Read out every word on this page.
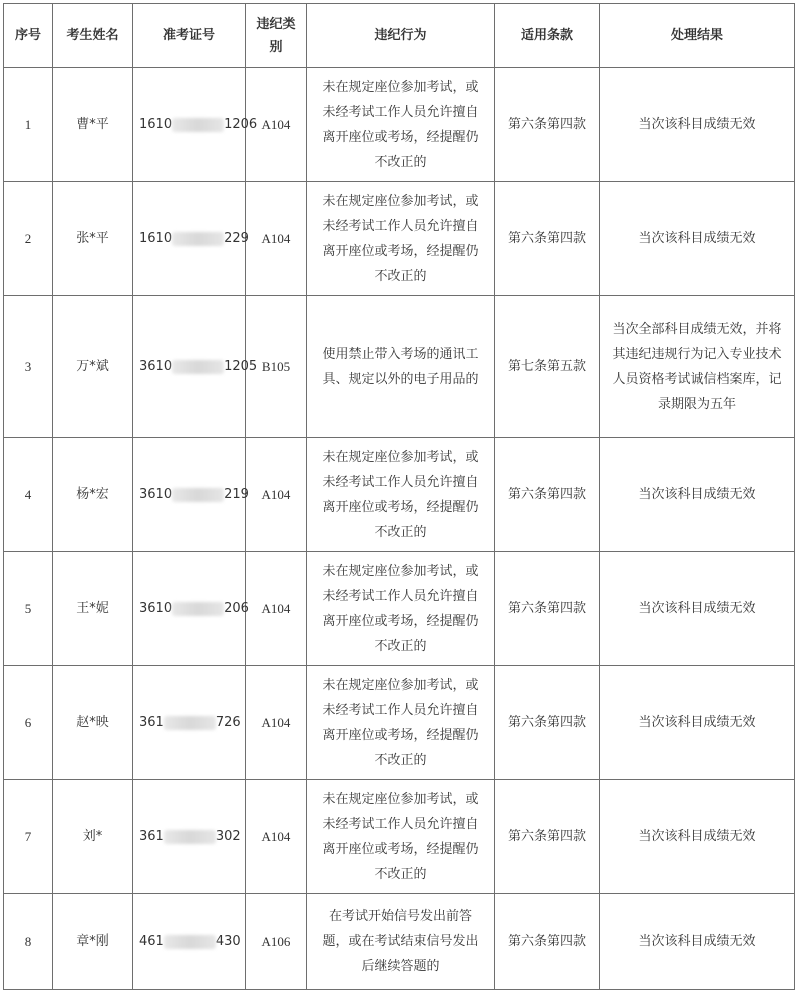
序号	考生姓名	准考证号	违纪类别	违纪行为	适用条款	处理结果
1	曹*平	1610 1206	A104	未在规定座位参加考试，或未经考试工作人员允许擅自离开座位或考场，经提醒仍不改正的	第六条第四款	当次该科目成绩无效
2	张*平	1610 229	A104	未在规定座位参加考试，或未经考试工作人员允许擅自离开座位或考场，经提醒仍不改正的	第六条第四款	当次该科目成绩无效
3	万*斌	3610 1205	B105	使用禁止带入考场的通讯工具、规定以外的电子用品的	第七条第五款	当次全部科目成绩无效，并将其违纪违规行为记入专业技术人员资格考试诚信档案库，记录期限为五年
4	杨*宏	3610 219	A104	未在规定座位参加考试，或未经考试工作人员允许擅自离开座位或考场，经提醒仍不改正的	第六条第四款	当次该科目成绩无效
5	王*妮	3610 206	A104	未在规定座位参加考试，或未经考试工作人员允许擅自离开座位或考场，经提醒仍不改正的	第六条第四款	当次该科目成绩无效
6	赵*映	361 726	A104	未在规定座位参加考试，或未经考试工作人员允许擅自离开座位或考场，经提醒仍不改正的	第六条第四款	当次该科目成绩无效
7	刘*	361 302	A104	未在规定座位参加考试，或未经考试工作人员允许擅自离开座位或考场，经提醒仍不改正的	第六条第四款	当次该科目成绩无效
8	章*刚	461 430	A106	在考试开始信号发出前答题，或在考试结束信号发出后继续答题的	第六条第四款	当次该科目成绩无效
